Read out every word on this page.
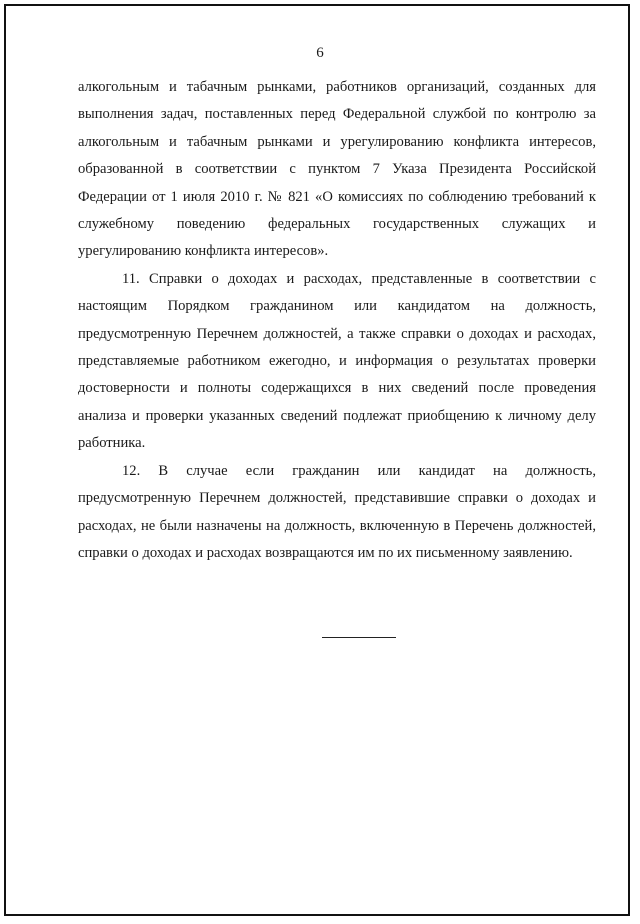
6

алкогольным и табачным рынками, работников организаций, созданных для выполнения задач, поставленных перед Федеральной службой по контролю за алкогольным и табачным рынками и урегулированию конфликта интересов, образованной в соответствии с пунктом 7 Указа Президента Российской Федерации от 1 июля 2010 г. № 821 «О комиссиях по соблюдению требований к служебному поведению федеральных государственных служащих и урегулированию конфликта интересов».

11. Справки о доходах и расходах, представленные в соответствии с настоящим Порядком гражданином или кандидатом на должность, предусмотренную Перечнем должностей, а также справки о доходах и расходах, представляемые работником ежегодно, и информация о результатах проверки достоверности и полноты содержащихся в них сведений после проведения анализа и проверки указанных сведений подлежат приобщению к личному делу работника.

12. В случае если гражданин или кандидат на должность, предусмотренную Перечнем должностей, представившие справки о доходах и расходах, не были назначены на должность, включенную в Перечень должностей, справки о доходах и расходах возвращаются им по их письменному заявлению.
